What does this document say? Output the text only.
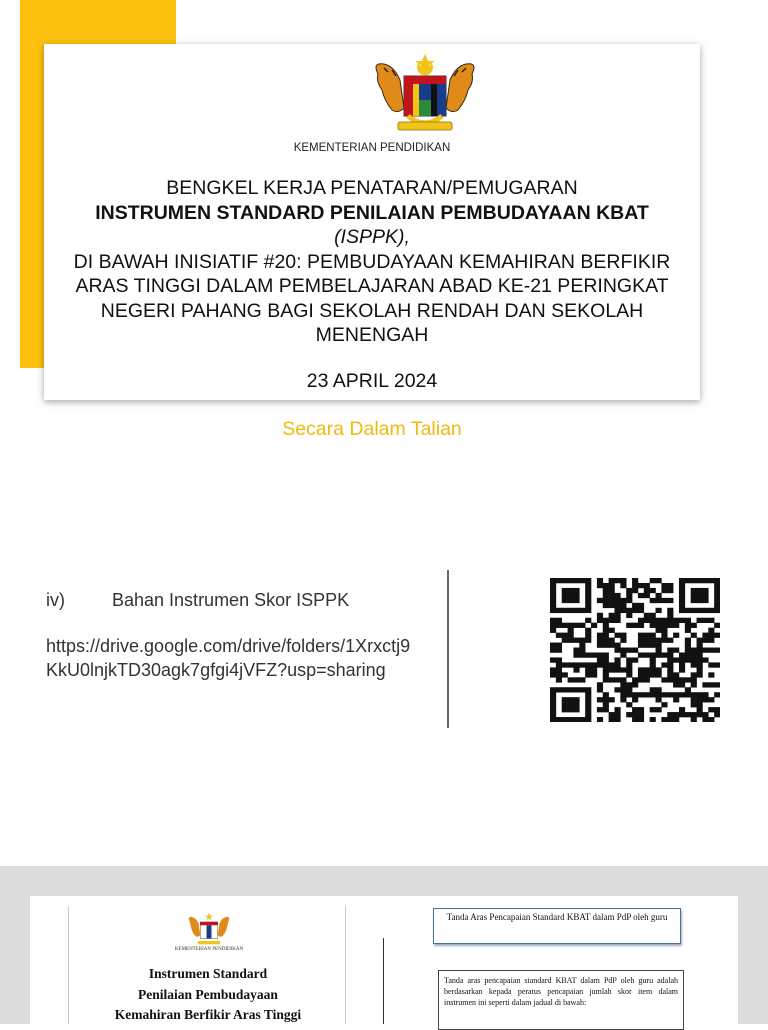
KEMENTERIAN PENDIDIKAN
BENGKEL KERJA PENATARAN/PEMUGARAN
INSTRUMEN STANDARD PENILAIAN PEMBUDAYAAN KBAT
(ISPPK),
DI BAWAH INISIATIF #20: PEMBUDAYAAN KEMAHIRAN BERFIKIR ARAS TINGGI DALAM PEMBELAJARAN ABAD KE-21 PERINGKAT NEGERI PAHANG BAGI SEKOLAH RENDAH DAN SEKOLAH MENENGAH
23 APRIL 2024
Secara Dalam Talian
iv)	Bahan Instrumen Skor ISPPK
https://drive.google.com/drive/folders/1Xrxctj9
KkU0lnjkTD30agk7gfgi4jVFZ?usp=sharing
KEMENTERIAN PENDIDIKAN
Instrumen Standard
Penilaian Pembudayaan
Kemahiran Berfikir Aras Tinggi
Tanda Aras Pencapaian Standard KBAT dalam PdP oleh guru
Tanda aras pencapaian standard KBAT dalam PdP oleh guru adalah berdasarkan kepada peratus pencapaian jumlah skor item dalam instrumen ini seperti dalam jadual di bawah:
